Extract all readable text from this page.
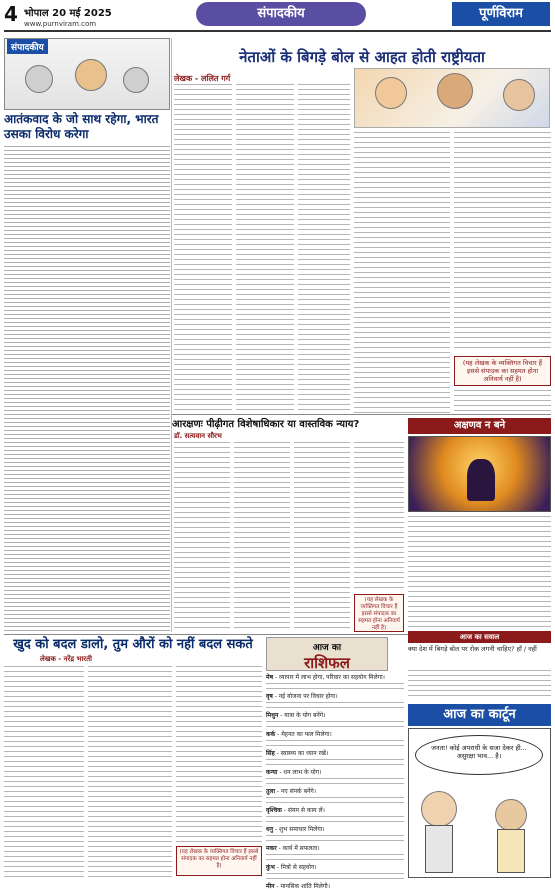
4 भोपाल 20 मई 2025
www.purnviram.com
संपादकीय	पूर्णविराम
संपादकीय
आतंकवाद के जो साथ रहेगा, भारत उसका विरोध करेगा
नेताओं के बिगड़े बोल से आहत होती राष्ट्रीयता
लेखक - ललित गर्ग
(यह लेखक के व्यक्तिगत विचार हैं इससे संपादक का सहमत होना अनिवार्य नहीं है)
आरक्षणः पीढ़ीगत विशेषाधिकार या वास्तविक न्याय?
डॉ. सत्यवान सौरभ
(यह लेखक के व्यक्तिगत विचार हैं इससे संपादक का सहमत होना अनिवार्य नहीं है)
अक्षणव न बने
खुद को बदल डालो, तुम औरों को नहीं बदल सकते
लेखक - नरेंद्र भारती
(यह लेखक के व्यक्तिगत विचार हैं इससे संपादक का सहमत होना अनिवार्य नहीं है)
आज का
राशिफल
मेष - व्यापार में लाभ होगा, परिवार का सहयोग मिलेगा।
वृष - नई योजना पर विचार होगा।
मिथुन - यात्रा के योग बनेंगे।
कर्क - मेहनत का फल मिलेगा।
सिंह - स्वास्थ्य का ध्यान रखें।
कन्या - धन लाभ के योग।
तुला - नए संपर्क बनेंगे।
वृश्चिक - संयम से काम लें।
धनु - शुभ समाचार मिलेगा।
मकर - कार्य में सफलता।
कुंभ - मित्रों से सहयोग।
मीन - मानसिक शांति मिलेगी।
आज का सवाल
क्या देश में बिगड़े बोल पर रोक लगनी चाहिए? हाँ / नहीं
आज का कार्टून
जनता! कोई अपराधी के सजा देकर ही... असुरक्षा भाव... है।
